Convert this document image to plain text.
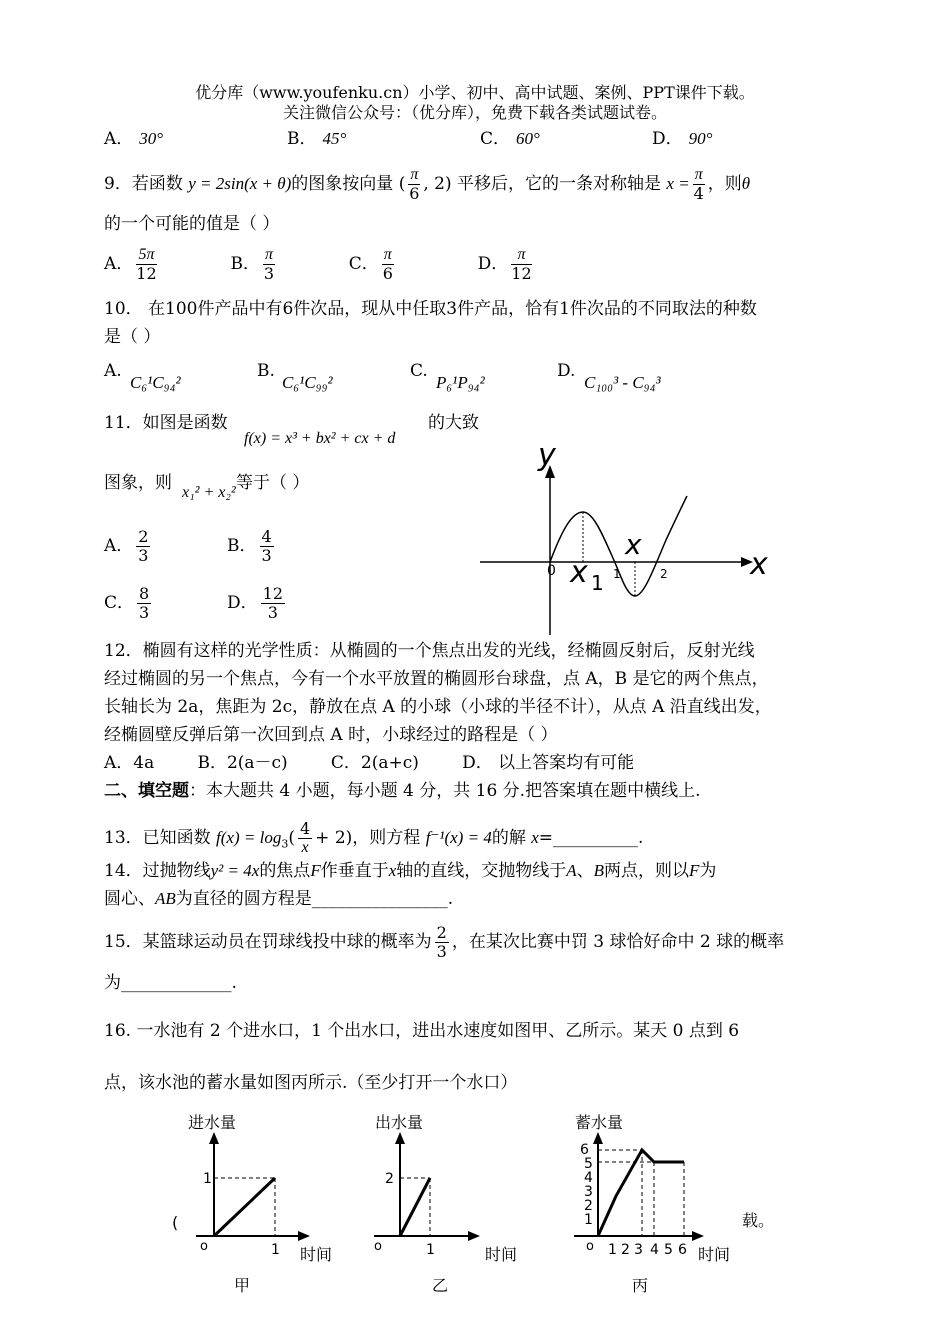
优分库（www.youfenku.cn）小学、初中、高中试题、案例、PPT课件下载。
关注微信公众号：（优分库），免费下载各类试题试卷。
A． 30°	B． 45°	C． 60°	D． 90°
9．若函数 y = 2sin(x + θ)的图象按向量 ( $\frac{\pi}{6}$ , 2) 平移后，它的一条对称轴是 $x = \frac{\pi}{4}$ ，则θ
的一个可能的值是（ ）
A． $\frac{5\pi}{12}$	B． $\frac{\pi}{3}$	C． $\frac{\pi}{6}$	D． $\frac{\pi}{12}$
10． 在100件产品中有6件次品，现从中任取3件产品，恰有1件次品的不同取法的种数
是（ ）
A.
C₆¹C₉₄²
B.
C₆¹C₉₉²
C.
P₆¹P₉₄²
D.
C₁₀₀³ - C₉₄³
11．如图是函数
f(x) = x³ + bx² + cx + d
的大致
图象，则 x₁² + x₂² 等于（ ）
A． $\frac{2}{3}$	B． $\frac{4}{3}$
C． $\frac{8}{3}$	D． $\frac{12}{3}$
y
x
0 x 1 1
x
2
12．椭圆有这样的光学性质：从椭圆的一个焦点出发的光线，经椭圆反射后，反射光线
经过椭圆的另一个焦点，今有一个水平放置的椭圆形台球盘，点 A，B 是它的两个焦点，
长轴长为 2a，焦距为 2c，静放在点 A 的小球（小球的半径不计），从点 A 沿直线出发，
经椭圆壁反弹后第一次回到点 A 时，小球经过的路程是（ ）
A．4a        B．2(a－c)        C．2(a+c)        D． 以上答案均有可能
二、填空题：本大题共 4 小题，每小题 4 分，共 16 分.把答案填在题中横线上.
13．已知函数 $f(x) = \log_3( \frac{4}{x} + 2)$，则方程 f⁻¹(x) = 4的解 x=__________.
14．过抛物线y² = 4x的焦点F作垂直于x轴的直线，交抛物线于A、B两点，则以F为
圆心、AB为直径的圆方程是________________.
15．某篮球运动员在罚球线投中球的概率为 $\frac{2}{3}$ ，在某次比赛中罚 3 球恰好命中 2 球的概率
为_____________.
16. 一水池有 2 个进水口，1 个出水口，进出水速度如图甲、乙所示。某天 0 点到 6
点，该水池的蓄水量如图丙所示.（至少打开一个水口）
(	载。
进水量
1
o	1 时间
甲
出水量
2
o	1	时间
乙
蓄水量
1
2
3
4
5
6
o 1 2 3 4 5 6 时间
丙
